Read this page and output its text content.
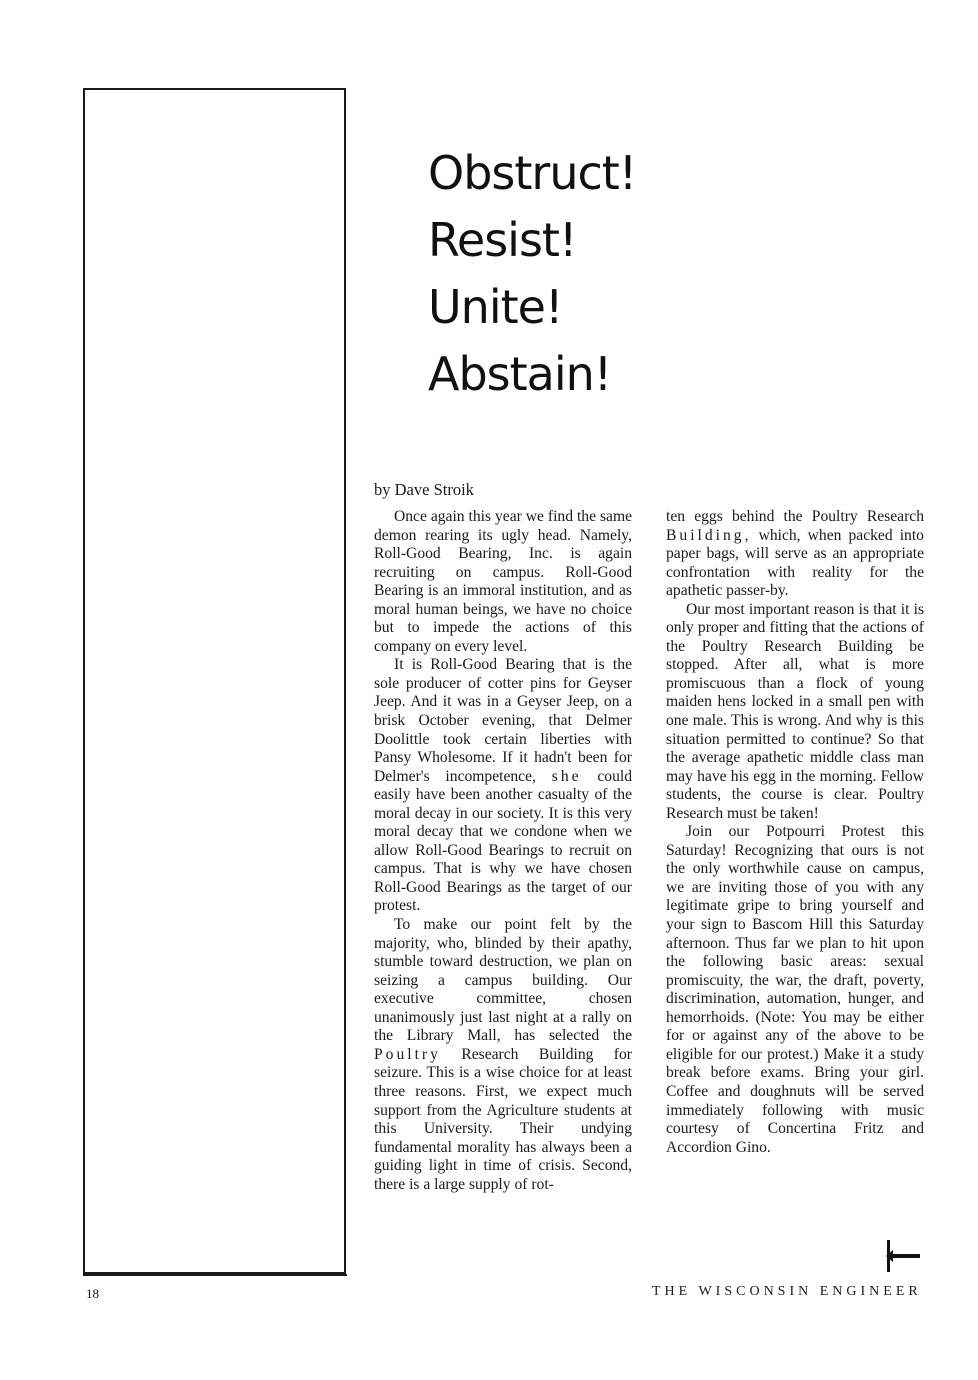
Obstruct!
Resist!
Unite!
Abstain!
by Dave Stroik

Once again this year we find the same demon rearing its ugly head. Namely, Roll-Good Bearing, Inc. is again recruiting on campus. Roll-Good Bearing is an immoral institution, and as moral human beings, we have no choice but to impede the actions of this company on every level.

It is Roll-Good Bearing that is the sole producer of cotter pins for Geyser Jeep. And it was in a Geyser Jeep, on a brisk October evening, that Delmer Doolittle took certain liberties with Pansy Wholesome. If it hadn't been for Delmer's incompetence, she could easily have been another casualty of the moral decay in our society. It is this very moral decay that we condone when we allow Roll-Good Bearings to recruit on campus. That is why we have chosen Roll-Good Bearings as the target of our protest.

To make our point felt by the majority, who, blinded by their apathy, stumble toward destruction, we plan on seizing a campus building. Our executive committee, chosen unanimously just last night at a rally on the Library Mall, has selected the Poultry Research Building for seizure. This is a wise choice for at least three reasons. First, we expect much support from the Agriculture students at this University. Their undying fundamental morality has always been a guiding light in time of crisis. Second, there is a large supply of rot-

ten eggs behind the Poultry Research Building, which, when packed into paper bags, will serve as an appropriate confrontation with reality for the apathetic passer-by.

Our most important reason is that it is only proper and fitting that the actions of the Poultry Research Building be stopped. After all, what is more promiscuous than a flock of young maiden hens locked in a small pen with one male. This is wrong. And why is this situation permitted to continue? So that the average apathetic middle class man may have his egg in the morning. Fellow students, the course is clear. Poultry Research must be taken!

Join our Potpourri Protest this Saturday! Recognizing that ours is not the only worthwhile cause on campus, we are inviting those of you with any legitimate gripe to bring yourself and your sign to Bascom Hill this Saturday afternoon. Thus far we plan to hit upon the following basic areas: sexual promiscuity, the war, the draft, poverty, discrimination, automation, hunger, and hemorrhoids. (Note: You may be either for or against any of the above to be eligible for our protest.) Make it a study break before exams. Bring your girl. Coffee and doughnuts will be served immediately following with music courtesy of Concertina Fritz and Accordion Gino.

18	THE WISCONSIN ENGINEER
